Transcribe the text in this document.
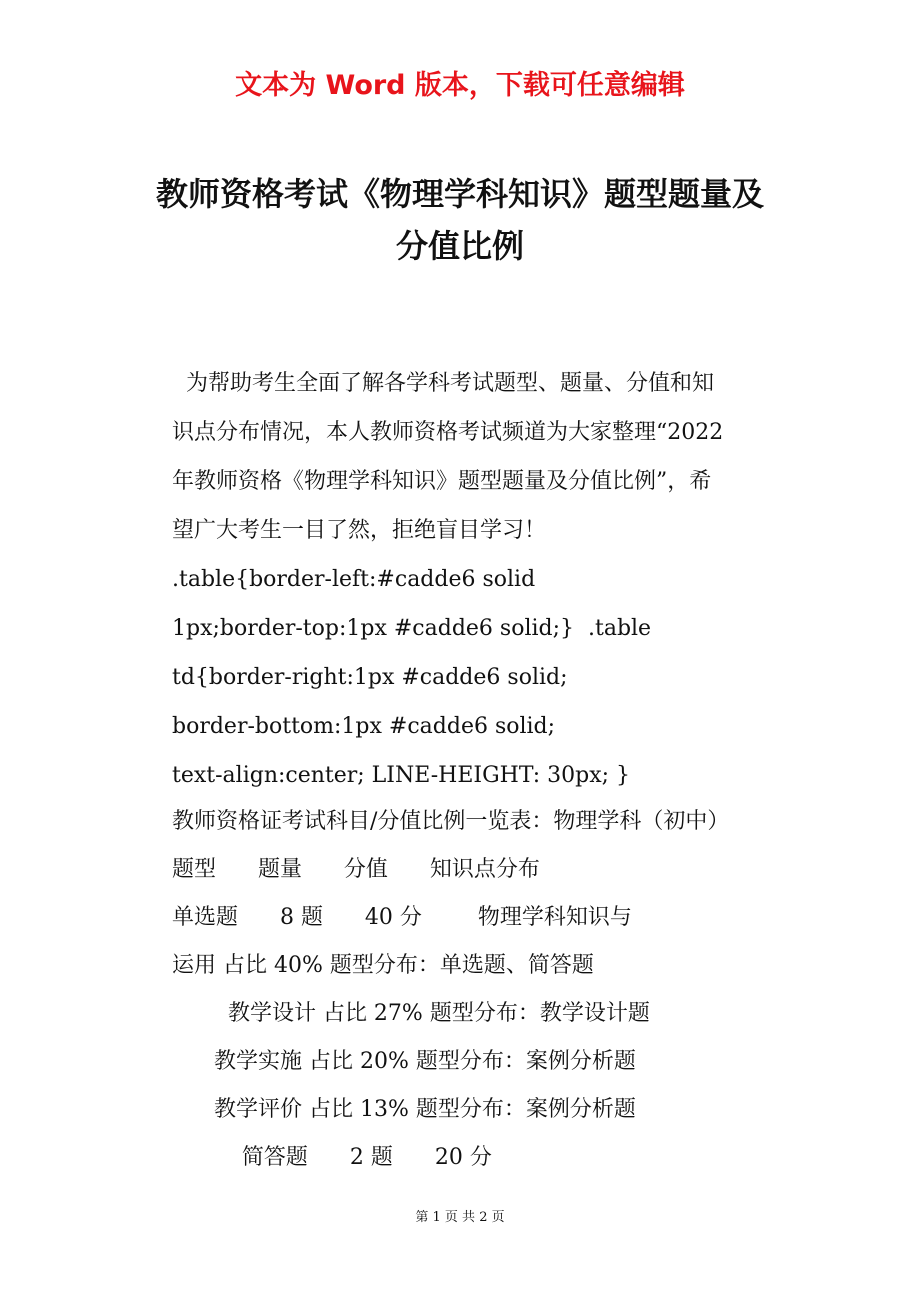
文本为 Word 版本，下载可任意编辑
教师资格考试《物理学科知识》题型题量及
分值比例
为帮助考生全面了解各学科考试题型、题量、分值和知
识点分布情况，本人教师资格考试频道为大家整理“2022
年教师资格《物理学科知识》题型题量及分值比例”，希
望广大考生一目了然，拒绝盲目学习！
.table{border-left:#cadde6 solid
1px;border-top:1px #cadde6 solid;}  .table
td{border-right:1px #cadde6 solid;
border-bottom:1px #cadde6 solid;
text-align:center; LINE-HEIGHT: 30px; }
教师资格证考试科目/分值比例一览表：物理学科（初中）
题型      题量      分值      知识点分布
单选题      8 题      40 分        物理学科知识与
运用 占比 40% 题型分布：单选题、简答题
教学设计 占比 27% 题型分布：教学设计题
教学实施 占比 20% 题型分布：案例分析题
教学评价 占比 13% 题型分布：案例分析题
简答题      2 题      20 分
第 1 页 共 2 页
